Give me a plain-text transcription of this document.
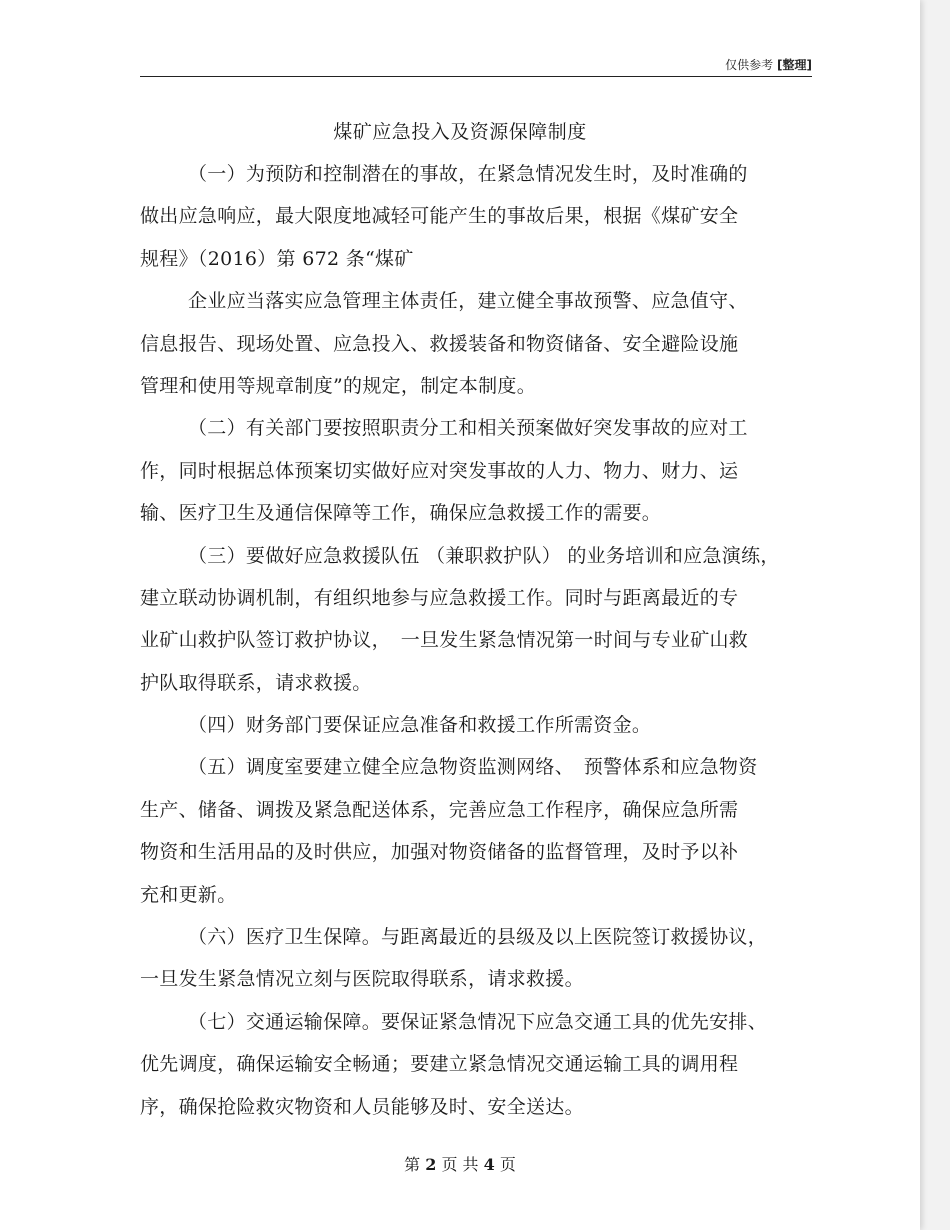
仅供参考 [整理]
煤矿应急投入及资源保障制度
（一）为预防和控制潜在的事故，在紧急情况发生时，及时准确的
做出应急响应，最大限度地减轻可能产生的事故后果，根据《煤矿安全
规程》（2016）第 672 条“煤矿
企业应当落实应急管理主体责任，建立健全事故预警、应急值守、
信息报告、现场处置、应急投入、救援装备和物资储备、安全避险设施
管理和使用等规章制度”的规定，制定本制度。
（二）有关部门要按照职责分工和相关预案做好突发事故的应对工
作，同时根据总体预案切实做好应对突发事故的人力、物力、财力、运
输、医疗卫生及通信保障等工作，确保应急救援工作的需要。
（三）要做好应急救援队伍 （兼职救护队） 的业务培训和应急演练，
建立联动协调机制，有组织地参与应急救援工作。同时与距离最近的专
业矿山救护队签订救护协议，　一旦发生紧急情况第一时间与专业矿山救
护队取得联系，请求救援。
（四）财务部门要保证应急准备和救援工作所需资金。
（五）调度室要建立健全应急物资监测网络、　预警体系和应急物资
生产、储备、调拨及紧急配送体系，完善应急工作程序，确保应急所需
物资和生活用品的及时供应，加强对物资储备的监督管理，及时予以补
充和更新。
（六）医疗卫生保障。与距离最近的县级及以上医院签订救援协议，
一旦发生紧急情况立刻与医院取得联系，请求救援。
（七）交通运输保障。要保证紧急情况下应急交通工具的优先安排、
优先调度，确保运输安全畅通；要建立紧急情况交通运输工具的调用程
序，确保抢险救灾物资和人员能够及时、安全送达。
第 2 页 共 4 页
